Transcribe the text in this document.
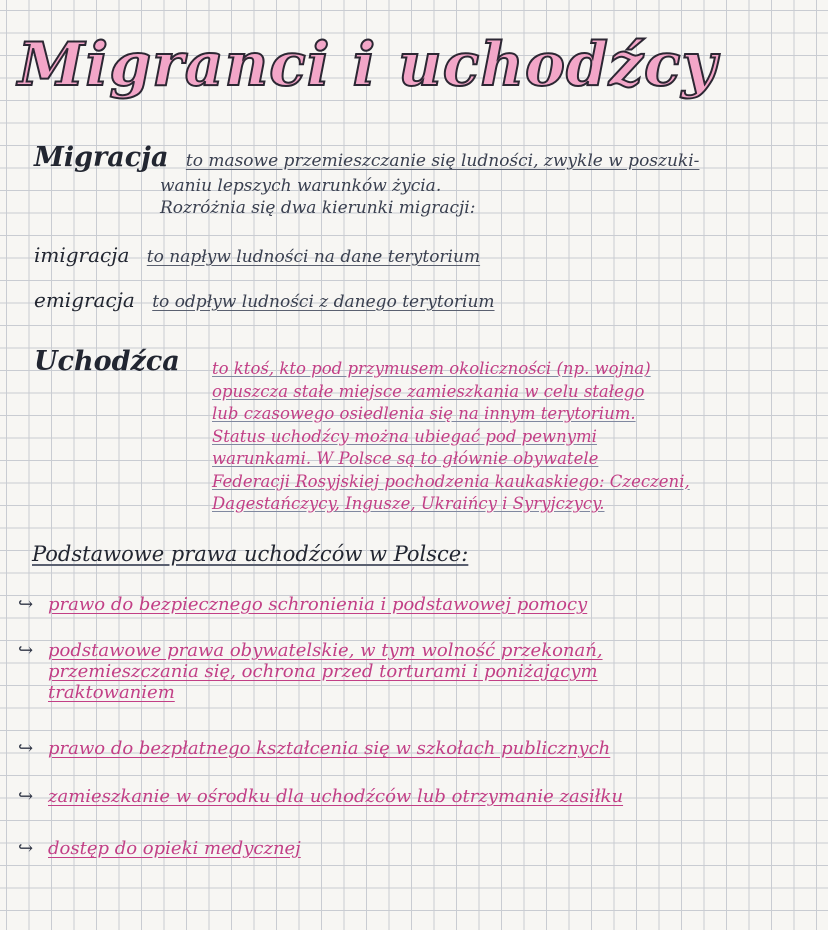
Migranci i uchodźcy
Migracja to masowe przemieszczanie się ludności, zwykle w poszuki-
waniu lepszych warunków życia.
Rozróżnia się dwa kierunki migracji:
imigracja to napływ ludności na dane terytorium
emigracja to odpływ ludności z danego terytorium
Uchodźca	to ktoś, kto pod przymusem okoliczności (np. wojna)
opuszcza stałe miejsce zamieszkania w celu stałego
lub czasowego osiedlenia się na innym terytorium.
Status uchodźcy można ubiegać pod pewnymi
warunkami. W Polsce są to głównie obywatele
Federacji Rosyjskiej pochodzenia kaukaskiego: Czeczeni,
Dagestańczycy, Ingusze, Ukraińcy i Syryjczycy.
Podstawowe prawa uchodźców w Polsce:
↪ prawo do bezpiecznego schronienia i podstawowej pomocy
↪ podstawowe prawa obywatelskie, w tym wolność przekonań,
przemieszczania się, ochrona przed torturami i poniżającym
traktowaniem
↪ prawo do bezpłatnego kształcenia się w szkołach publicznych
↪ zamieszkanie w ośrodku dla uchodźców lub otrzymanie zasiłku
↪ dostęp do opieki medycznej
